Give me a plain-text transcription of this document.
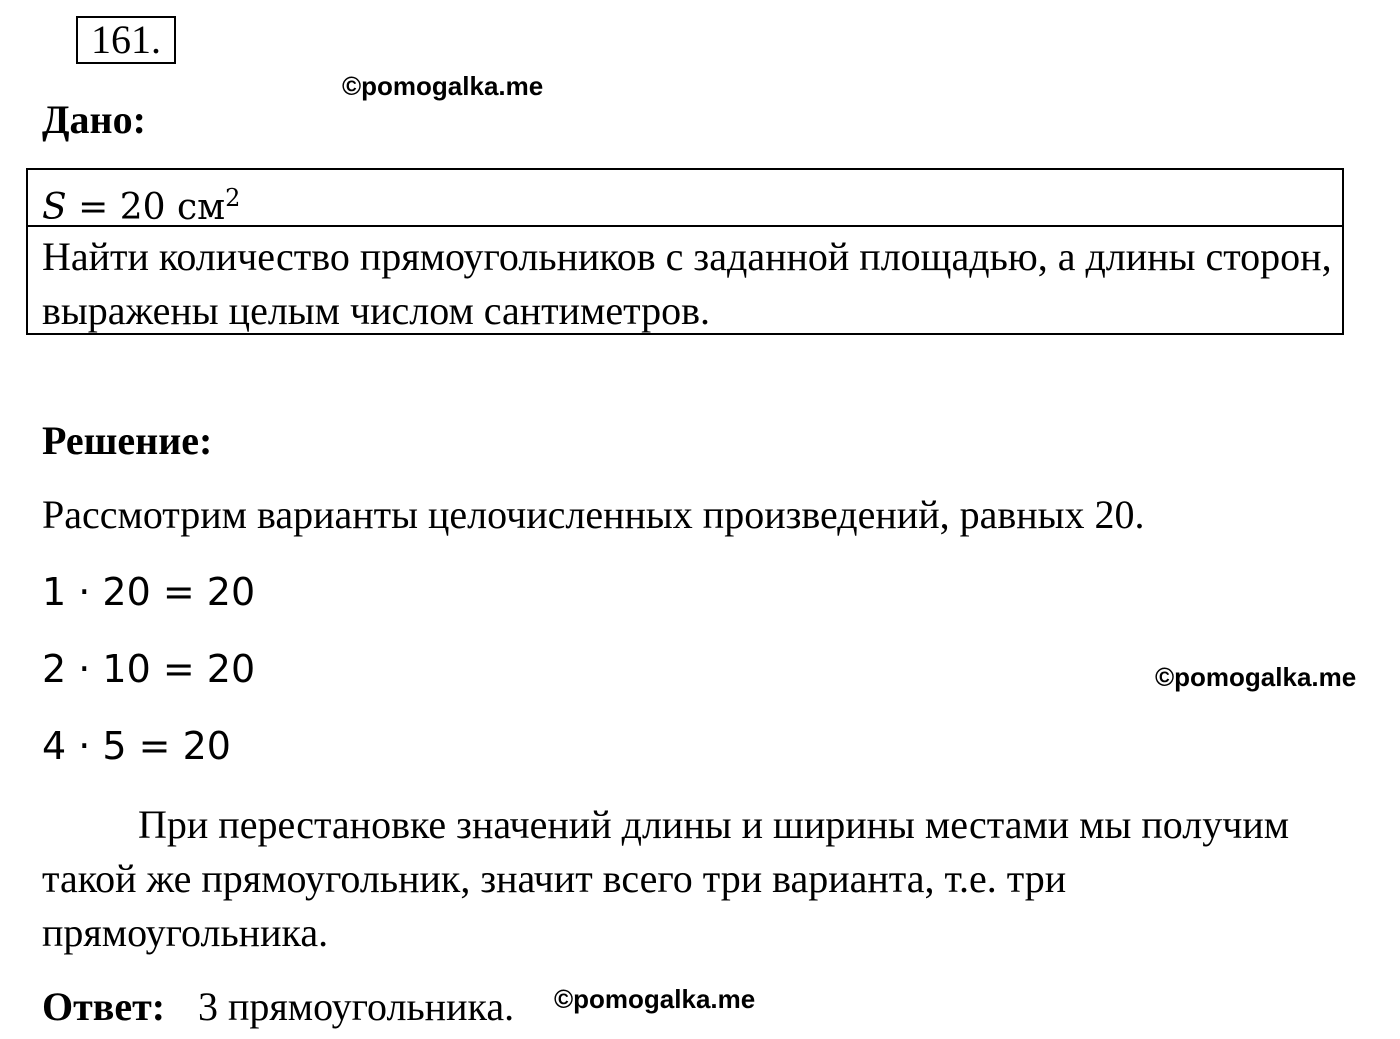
161.
©pomogalka.me
Дано:
S = 20 $см^2$
Найти количество прямоугольников с заданной площадью, а длины сторон, выражены целым числом сантиметров.
Решение:
Рассмотрим варианты целочисленных произведений, равных 20.
1 · 20 = 20
2 · 10 = 20
4 · 5 = 20
©pomogalka.me
При перестановке значений длины и ширины местами мы получим такой же прямоугольник, значит всего три варианта, т.е. три прямоугольника.
Ответ: 3 прямоугольника. ©pomogalka.me
